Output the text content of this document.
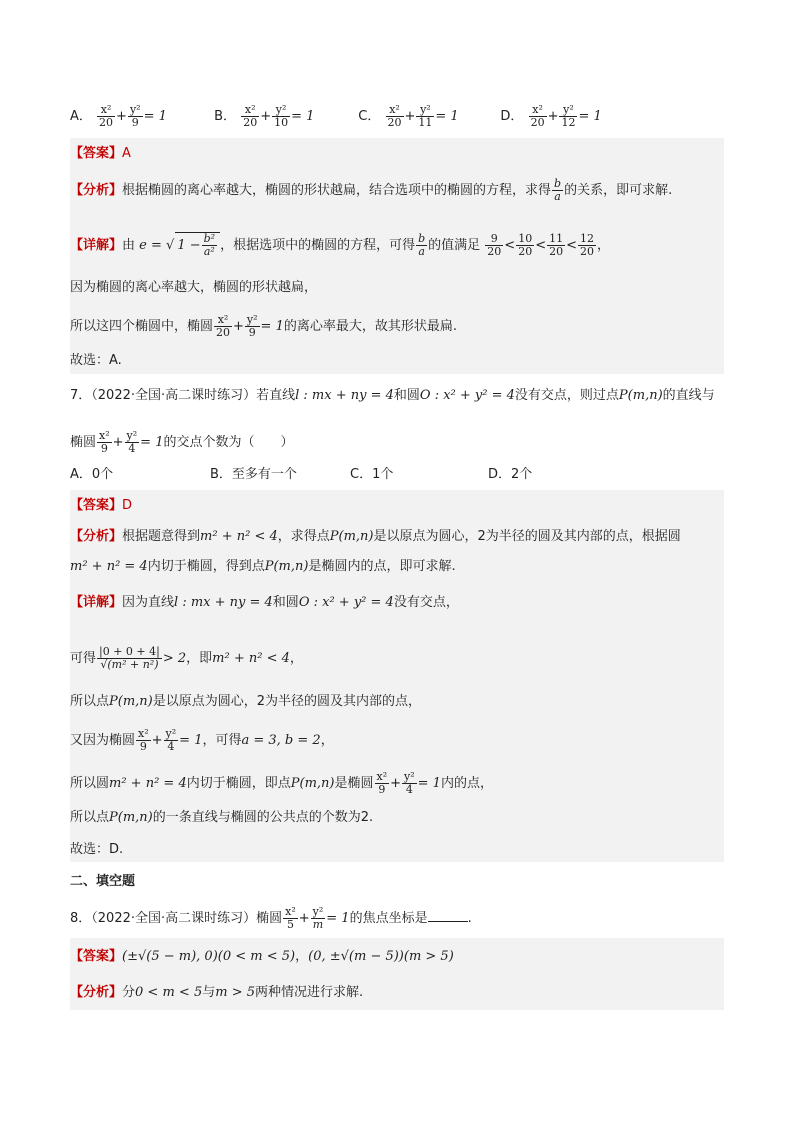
A． $\frac{\text{x²}}{20} + \frac{\text{y²}}{9} = 1$	B． $\frac{\text{x²}}{20} + \frac{\text{y²}}{10} = 1$	C． $\frac{\text{x²}}{20} + \frac{\text{y²}}{11} = 1$	D． $\frac{\text{x²}}{20} + \frac{\text{y²}}{12} = 1$
【答案】A
【分析】根据椭圆的离心率越大，椭圆的形状越扁，结合选项中的椭圆的方程，求得 $\frac{b}{a}$ 的关系，即可求解.
【详解】由 e = √ $1 - \frac{\text{b²}}{\text{a²}}$ ，根据选项中的椭圆的方程，可得 $\frac{b}{a}$ 的值满足 $\frac{9}{20} < \frac{10}{20} < \frac{11}{20} < \frac{12}{20}$ ，
因为椭圆的离心率越大，椭圆的形状越扁，
所以这四个椭圆中，椭圆 $\frac{\text{x²}}{20} + \frac{\text{y²}}{9} = 1$的离心率最大，故其形状最扁.
故选：A.
7．（2022·全国·高二课时练习）若直线l : mx + ny = 4和圆O : x² + y² = 4没有交点，则过点P(m,n)的直线与
椭圆 $\frac{\text{x²}}{9} + \frac{\text{y²}}{4} = 1$的交点个数为（　　）
A．0个	B．至多有一个	C．1个	D．2个
【答案】D
【分析】根据题意得到m² + n² < 4，求得点P(m,n)是以原点为圆心，2为半径的圆及其内部的点，根据圆
m² + n² = 4内切于椭圆，得到点P(m,n)是椭圆内的点，即可求解.
【详解】因为直线l : mx + ny = 4和圆O : x² + y² = 4没有交点，
可得 $\frac{|0 + 0 + 4|}{\text{√(m² + n²)}} > 2$，即m² + n² < 4，
所以点P(m,n)是以原点为圆心，2为半径的圆及其内部的点，
又因为椭圆 $\frac{\text{x²}}{9} + \frac{\text{y²}}{4} = 1$，可得a = 3, b = 2，
所以圆m² + n² = 4内切于椭圆，即点P(m,n)是椭圆 $\frac{\text{x²}}{9} + \frac{\text{y²}}{4} = 1$内的点，
所以点P(m,n)的一条直线与椭圆的公共点的个数为2.
故选：D.
二、填空题
8．（2022·全国·高二课时练习）椭圆 $\frac{\text{x²}}{5} + \frac{\text{y²}}{m} = 1$的焦点坐标是	.
【答案】(±√(5 − m), 0)(0 < m < 5)，(0, ±√(m − 5))(m > 5)
【分析】分0 < m < 5与m > 5两种情况进行求解.
